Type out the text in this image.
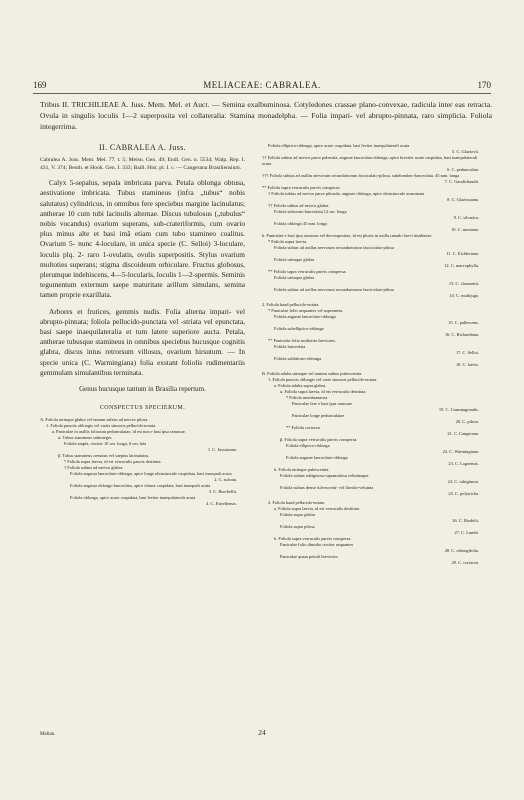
169	MELIACEAE: CABRALEA.	170
Tribus II. TRICHILIEAE A. Juss. Mem. Mel. et Auct. — Semina exalbuminosa. Cotyledones crassae plano-convexae, radicula inter eas retracta. Ovula in singulis loculis 1—2 superposita vel collateralia. Stamina monadelpha. — Folia impari- vel abrupto-pinnata, raro simplicia. Foliola integerrima.
II. CABRALEA A. Juss.
Cabralea A. Juss. Mem. Mel. 77. t. 5; Meisn. Gen. 49; Endl. Gen. n. 5534; Walp. Rep. I. 431, V. 374; Benth. et Hook. Gen. I. 333; Baill. Hist. pl. I. c. — Cangerana Brasiliensium.

Calyx 5-sepalus, sepala imbricata parva. Petala oblonga obtusa, aestivatione imbricata. Tubus staminеus (infra „tubus“ nobis salutatus) cylindricus, in omnibus fere speciebus margine lacinulatus; antherae 10 cum tubi lacinulis alternae. Discus tubulosus („tubulus“ nobis vocandus) ovarium superans, sub-crateriformis, cum ovario plus minus alte et basi imâ etiam cum tubo stamineo coalitus. Ovarium 5- nunc 4-loculare, in unica specie (C. Selloi) 3-loculare, loculis plq. 2- raro 1-ovulatis, ovulis superpositis. Stylus ovarium multoties superans; stigma discoideum orbiculare. Fructus globosus, plerumque indehiscens, 4—5-locularis, loculis 1—2-spermis. Seminis tegumentum externum saepe maturitate arillum simulans, semina tamen proprie exarillata.

Arbores et frutices, gemmis nudis. Folia alterna impari- vel abrupto-pinnata; foliola pellucido-punctata vel -striata vel epunctata, basi saepe inaequilateralia et tum latere superiore aucta. Petala, antherae tubusque stamineus in omnibus speciebus hucusque cognitis glabra, discus intus retrorsum villosus, ovarium hirsutum. — In specie unica (C. Warmingiana) folia exstant foliolis rudimentariis gemmulam simulantibus terminata.

Genus hucusque tantum in Brasilia repertum.
CONSPECTUS SPECIERUM.
A. Foliola utrinque glabra vel tantum subtus ad nervos pilosa.
1. Foliola punctis oblongis vel variis sinuosis pellucido-notata.
a. Paniculae in axillis foliorum pedunculatae, id est non e basi ipsa ramosae.
α. Tubus stamineus subinteger.
Foliola ampla, circiter 10 cm. longa, 6 cm. lata
1. C. Jussiaeana.
β. Tubus stamineus crenatus vel saepius lacinulatus.
* Foliola supra laevia, id est verruculis paucis destituta.
† Foliola subtus ad nervos glabra.
Foliola angusta lanceolato-oblonga, apice longe obtusiuscule cuspidata, basi inaequali acuta
2. C. sulcata.
Foliola angusta oblongo-lanceolata, apice obtuse cuspidata, basi inaequali acuta
3. C. Burchellii.
Foliola oblonga, apice acute cuspidata, basi leviter inaequilaterali acuta
4. C. Estrellensis.
Foliola elliptico-oblonga, apice acute cuspidata, basi leviter inaequilaterali acuta
5. C. Glaziovii.
†† Foliola subtus ad nervos parce puberula, anguste lanceolata-oblonga, apice breviter acute cuspidata, basi inaequilaterali acuta
6. C. pedunculata.
††† Foliola subtus ad axillas nervorum secundariorum fasciculato-pilosa, subrhombeo-lanceolata, 45 mm. longa
7. C. Gaudichaudii.
** Foliola supra verruculis parvis conspersa.
† Foliola subtus ad nervos parce pilosula, anguste oblonga, apice obtusiuscule acuminata
8. C. Glaziouiana.
†† Foliola subtus ad nervos glabra.
Foliola subovato-lanceolata 12 cm. longa
9. C. silvatica.
Foliola oblonga 45 mm. longa
10. C. montana.
b. Paniculae e basi ipsa ramosae vel decompositae, id est plures in axilla ramulo brevi insidentes.
* Foliola supra laevia.
Foliola subtus ad axillas nervorum secundariorum fasciculato-pilosa
11. C. Eichleriana.
Foliola utrinque glabra
12. C. macrophylla.
** Foliola supra verruculis parvis conspersa.
Foliola utrinque glabra
13. C. claussenii.
Foliola subtus ad axillas nervorum secundariorum fasciculato-pilosa
14. C. multijuga.
2. Foliola haud pellucido-notata.
* Paniculae folio aequantes vel superantes.
Foliola anguste lanceolato-oblonga
15. C. pallescens.
Foliola subelliptico-oblonga
16. C. Richardiana.
** Paniculae folio multoties breviores.
Foliola lanceolata
17. C. Selloi.
Foliola subfalcato-oblonga
18. C. laevis.
B. Foliola adulta utrinque vel tantum subtus pubescentia.
1. Foliola punctis oblongis vel varie sinuosis pellucido-notata.
a. Foliola adulta supra glabra.
α. Foliola supra laevia, id est verruculis destituta.
* Foliola membranacea.
Paniculae fere e basi ipsa ramosae
19. C. Cuneatagrandis.
Paniculae longe pedunculatae
20. C. pilosa.
** Foliola coriacea
21. C. Cangerana.
β. Foliola supra verruculis parvis conspersa.
Foliola elliptico-oblonga
22. C. Warmingiana.
Foliola anguste lanceolato-oblonga
23. C. Lagoensis.
b. Foliola utrinque pubescentia.
Foliola subtus rubiginoso-squamulosa velutinaque
24. C. rubiginosa.
Foliola subtus dense fulvescenti- vel flavido-velutina
25. C. polytricha.
2. Foliola haud pellucido-notata.
a. Foliola supra laevia, id est verruculis destituta.
Foliola supra glabra
26. C. Riedelii.
Foliola supra pilosa
27. C. Lundii.
b. Foliola supra verruculis parvis conspersa.
Paniculae folio dimidio circiter aequantes
28. C. oblongifolia.
Paniculae quam petioli breviores
29. C. coriacea.
Melian.	24
